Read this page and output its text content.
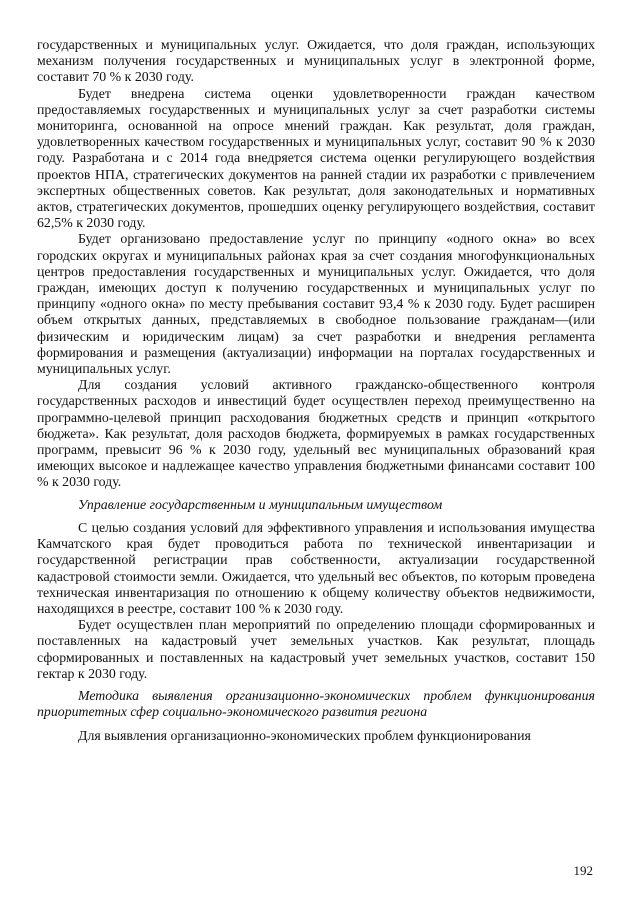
государственных и муниципальных услуг. Ожидается, что доля граждан, использующих механизм получения государственных и муниципальных услуг в электронной форме, составит 70 % к 2030 году.

Будет внедрена система оценки удовлетворенности граждан качеством предоставляемых государственных и муниципальных услуг за счет разработки системы мониторинга, основанной на опросе мнений граждан. Как результат, доля граждан, удовлетворенных качеством государственных и муниципальных услуг, составит 90 % к 2030 году. Разработана и с 2014 года внедряется система оценки регулирующего воздействия проектов НПА, стратегических документов на ранней стадии их разработки с привлечением экспертных общественных советов. Как результат, доля законодательных и нормативных актов, стратегических документов, прошедших оценку регулирующего воздействия, составит 62,5% к 2030 году.

Будет организовано предоставление услуг по принципу «одного окна» во всех городских округах и муниципальных районах края за счет создания многофункциональных центров предоставления государственных и муниципальных услуг. Ожидается, что доля граждан, имеющих доступ к получению государственных и муниципальных услуг по принципу «одного окна» по месту пребывания составит 93,4 % к 2030 году. Будет расширен объем открытых данных, представляемых в свободное пользование гражданам—(или физическим и юридическим лицам) за счет разработки и внедрения регламента формирования и размещения (актуализации) информации на порталах государственных и муниципальных услуг.

Для создания условий активного гражданско-общественного контроля государственных расходов и инвестиций будет осуществлен переход преимущественно на программно-целевой принцип расходования бюджетных средств и принцип «открытого бюджета». Как результат, доля расходов бюджета, формируемых в рамках государственных программ, превысит 96 % к 2030 году, удельный вес муниципальных образований края имеющих высокое и надлежащее качество управления бюджетными финансами составит 100 % к 2030 году.

Управление государственным и муниципальным имуществом

С целью создания условий для эффективного управления и использования имущества Камчатского края будет проводиться работа по технической инвентаризации и государственной регистрации прав собственности, актуализации государственной кадастровой стоимости земли. Ожидается, что удельный вес объектов, по которым проведена техническая инвентаризация по отношению к общему количеству объектов недвижимости, находящихся в реестре, составит 100 % к 2030 году.

Будет осуществлен план мероприятий по определению площади сформированных и поставленных на кадастровый учет земельных участков. Как результат, площадь сформированных и поставленных на кадастровый учет земельных участков, составит 150 гектар к 2030 году.

Методика выявления организационно-экономических проблем функционирования приоритетных сфер социально-экономического развития региона

Для выявления организационно-экономических проблем функционирования

192
